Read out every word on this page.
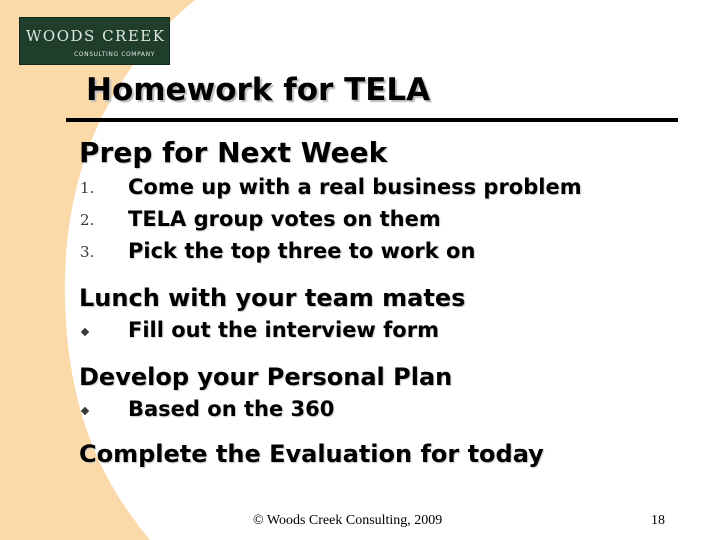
WOODS CREEK
CONSULTING COMPANY
Homework for TELA
Prep for Next Week
1. Come up with a real business problem
2. TELA group votes on them
3. Pick the top three to work on
Lunch with your team mates
Fill out the interview form
Develop your Personal Plan
Based on the 360
Complete the Evaluation for today
© Woods Creek Consulting, 2009	18
